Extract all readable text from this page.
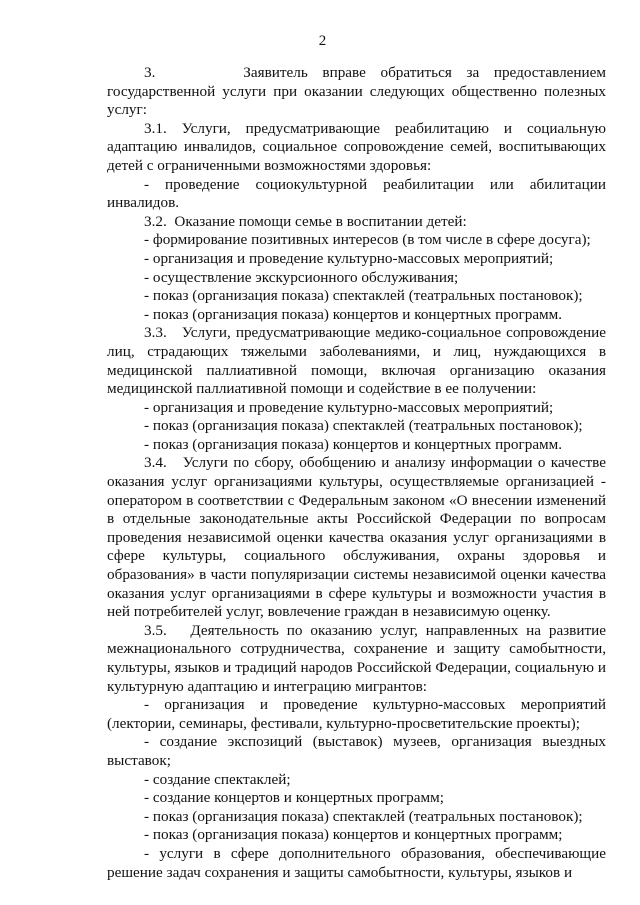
2

3.      Заявитель вправе обратиться за предоставлением государственной услуги при оказании следующих общественно полезных услуг:

3.1. Услуги, предусматривающие реабилитацию и социальную адаптацию инвалидов, социальное сопровождение семей, воспитывающих детей с ограниченными возможностями здоровья:

- проведение социокультурной реабилитации или абилитации инвалидов.

3.2.  Оказание помощи семье в воспитании детей:

- формирование позитивных интересов (в том числе в сфере досуга);

- организация и проведение культурно-массовых мероприятий;

- осуществление экскурсионного обслуживания;

- показ (организация показа) спектаклей (театральных постановок);

- показ (организация показа) концертов и концертных программ.

3.3.   Услуги, предусматривающие медико-социальное сопровождение лиц, страдающих тяжелыми заболеваниями, и лиц, нуждающихся в медицинской паллиативной помощи, включая организацию оказания медицинской паллиативной помощи и содействие в ее получении:

- организация и проведение культурно-массовых мероприятий;

- показ (организация показа) спектаклей (театральных постановок);

- показ (организация показа) концертов и концертных программ.

3.4.   Услуги по сбору, обобщению и анализу информации о качестве оказания услуг организациями культуры, осуществляемые организацией - оператором в соответствии с Федеральным законом «О внесении изменений в отдельные законодательные акты Российской Федерации по вопросам проведения независимой оценки качества оказания услуг организациями в сфере культуры, социального обслуживания, охраны здоровья и образования» в части популяризации системы независимой оценки качества оказания услуг организациями в сфере культуры и возможности участия в ней потребителей услуг, вовлечение граждан в независимую оценку.

3.5.   Деятельность по оказанию услуг, направленных на развитие межнационального сотрудничества, сохранение и защиту самобытности, культуры, языков и традиций народов Российской Федерации, социальную и культурную адаптацию и интеграцию мигрантов:

- организация и проведение культурно-массовых мероприятий (лектории, семинары, фестивали, культурно-просветительские проекты);

- создание экспозиций (выставок) музеев, организация выездных выставок;

- создание спектаклей;

- создание концертов и концертных программ;

- показ (организация показа) спектаклей (театральных постановок);

- показ (организация показа) концертов и концертных программ;

- услуги в сфере дополнительного образования, обеспечивающие решение задач сохранения и защиты самобытности, культуры, языков и
